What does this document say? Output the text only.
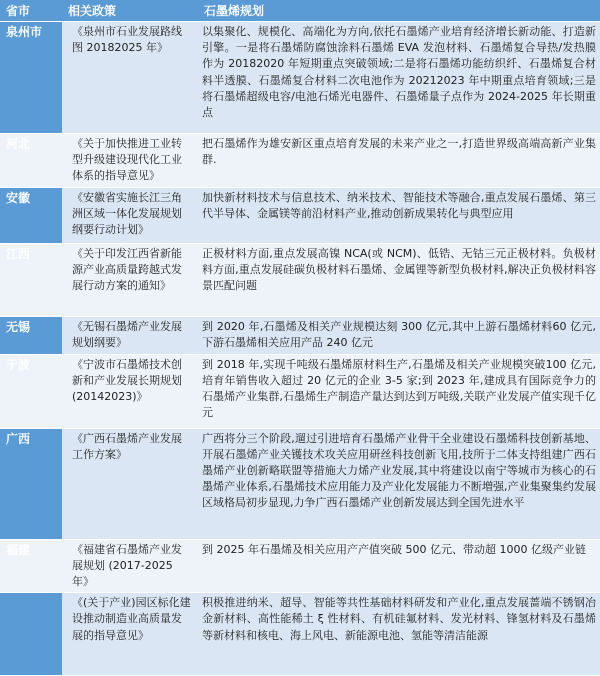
省市	相关政策	石墨烯规划
泉州市	《泉州市石业发展路线图 20182025 年》	以集聚化、规模化、高端化为方向,依托石墨烯产业培育经济增长新动能、打造新引擎。一是将石墨烯防腐蚀涂料石墨烯 EVA 发泡材料、石墨烯复合导热/发热膜作为 20182020 年短期重点突破领域;二是将石墨烯功能纺织纤、石墨烯复合材料半透膜、石墨烯复合材料二次电池作为 20212023 年中期重点培育领域;三是将石墨烯超级电容/电池石烯光电器件、石墨烯量子点作为 2024-2025 年长期重点
河北	《关于加快推进工业转型升级建设现代化工业体系的指导意见》	把石墨烯作为雄安新区重点培育发展的未来产业之一,打造世界级高端高新产业集群.
安徽	《安徽省实施长江三角洲区域一体化发展规划纲要行动计划》	加快新材料技术与信息技术、纳米技术、智能技术等融合,重点发展石墨烯、第三代半导体、金属镁等前沿材料产业,推动创新成果转化与典型应用
江西	《关于印发江西省新能源产业高质量跨越式发展行动方案的通知》	正极材料方面,重点发展高镍 NCA(或 NCM)、低锆、无钴三元正极材料。负极材料方面,重点发展硅碳负极材料石墨烯、金属锂等新型负极材料,解决正负极材料容景匹配问题
无锡	《无锡石墨烯产业发展规划纲要》	到 2020 年,石墨烯及相关产业规模达刻 300 亿元,其中上游石墨烯材料60 亿元,下游石墨烯相关应用产品 240 亿元
于波	《宁波市石墨烯技术创新和产业发展长期规划(20142023)》	到 2018 年,实现千吨级石墨烯原材料生产,石墨烯及相关产业规模突破100 亿元,培育年销售收入超过 20 亿元的企业 3-5 家;到 2023 年,建成具有国际竞争力的石墨烯产业集群,石墨烯生产制造产量达到达到万吨级,关联产业发展产值实现千亿元
广西	《广西石墨烯产业发展工作方案》	广西将分三个阶段,遛过引进培育石墨烯产业骨干全业建设石墨烯科技创新基地、开展石墨烯产业关镬技术攻关应用研丝科技创新飞用,技所于二体支持组建广西石墨烯产业创新略联盟等措施大力烯产业发展,其中将建设以南宁等城市为核心的石墨烯产业体系,石墨烯技术应用能力及产业化发展能力不断増强,产业集聚集约发展区域格局初步显现,力争广西石墨烯产业创新发展达到全国先进水平
福建	《福建省石墨烯产业发展规划 (2017-2025 年》	到 2025 年石墨烯及相关应用产产值突破 500 亿元、带动超 1000 亿级产业链
	《(关于产业)园区标化建设推动制造业高质量发展的指导意见》	积极推进纳米、超导、智能等共性基础材料研发和产业化,重点发展蔷端不锈钢冶金新材料、高性能稀土 ξ 性材料、有机硅氟材料、发光材料、锋氢材料及石墨烯等新材料和核电、海上风电、新能源电池、氢能等清洁能源
